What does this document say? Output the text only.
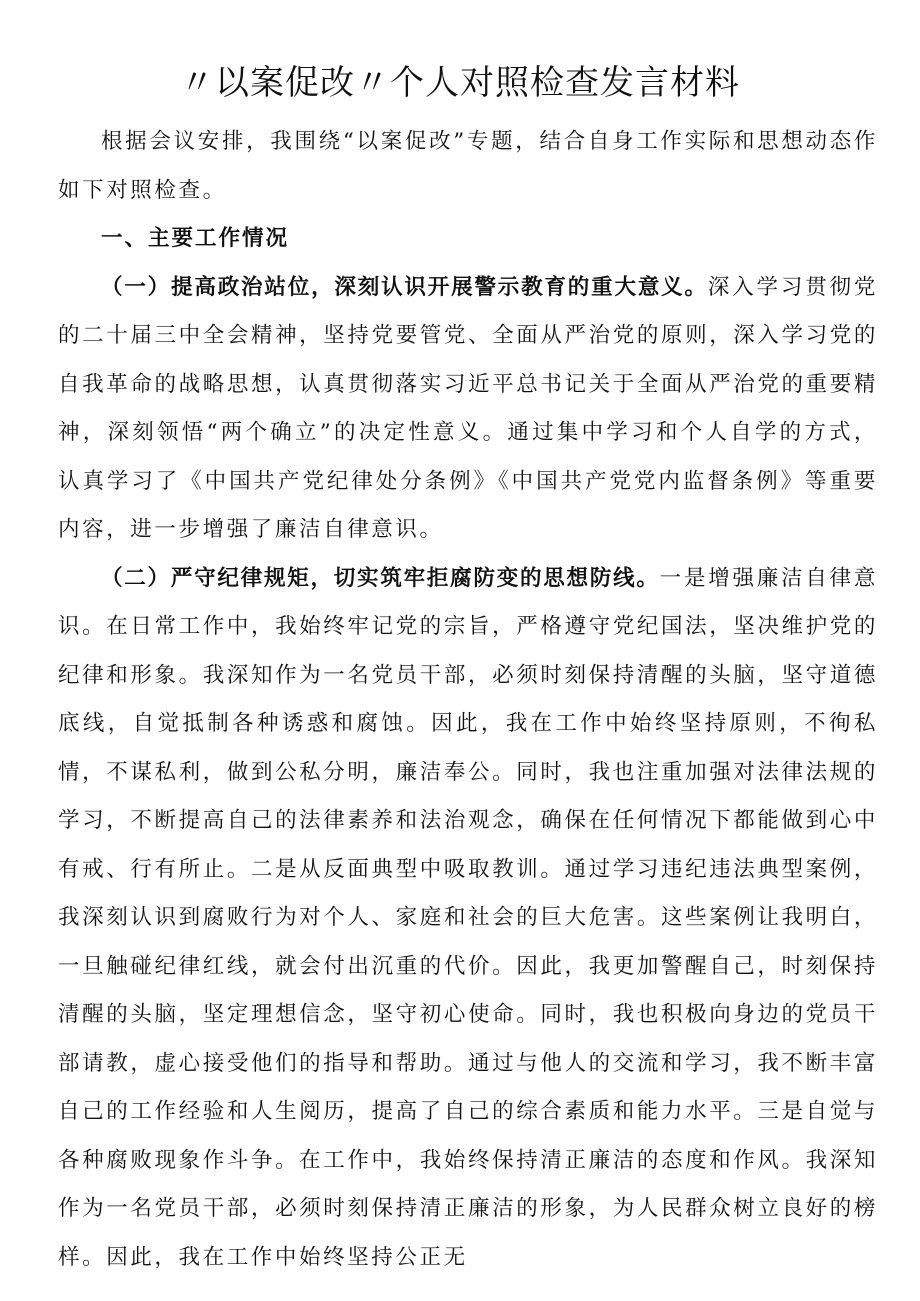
〃以案促改〃个人对照检查发言材料

根据会议安排，我围绕“以案促改”专题，结合自身工作实际和思想动态作如下对照检查。

一、主要工作情况

（一）提高政治站位，深刻认识开展警示教育的重大意义。深入学习贯彻党的二十届三中全会精神，坚持党要管党、全面从严治党的原则，深入学习党的自我革命的战略思想，认真贯彻落实习近平总书记关于全面从严治党的重要精神，深刻领悟“两个确立”的决定性意义。通过集中学习和个人自学的方式，认真学习了《中国共产党纪律处分条例》《中国共产党党内监督条例》等重要内容，进一步增强了廉洁自律意识。

（二）严守纪律规矩，切实筑牢拒腐防变的思想防线。一是增强廉洁自律意识。在日常工作中，我始终牢记党的宗旨，严格遵守党纪国法，坚决维护党的纪律和形象。我深知作为一名党员干部，必须时刻保持清醒的头脑，坚守道德底线，自觉抵制各种诱惑和腐蚀。因此，我在工作中始终坚持原则，不徇私情，不谋私利，做到公私分明，廉洁奉公。同时，我也注重加强对法律法规的学习，不断提高自己的法律素养和法治观念，确保在任何情况下都能做到心中有戒、行有所止。二是从反面典型中吸取教训。通过学习违纪违法典型案例，我深刻认识到腐败行为对个人、家庭和社会的巨大危害。这些案例让我明白，一旦触碰纪律红线，就会付出沉重的代价。因此，我更加警醒自己，时刻保持清醒的头脑，坚定理想信念，坚守初心使命。同时，我也积极向身边的党员干部请教，虚心接受他们的指导和帮助。通过与他人的交流和学习，我不断丰富自己的工作经验和人生阅历，提高了自己的综合素质和能力水平。三是自觉与各种腐败现象作斗争。在工作中，我始终保持清正廉洁的态度和作风。我深知作为一名党员干部，必须时刻保持清正廉洁的形象，为人民群众树立良好的榜样。因此，我在工作中始终坚持公正无
